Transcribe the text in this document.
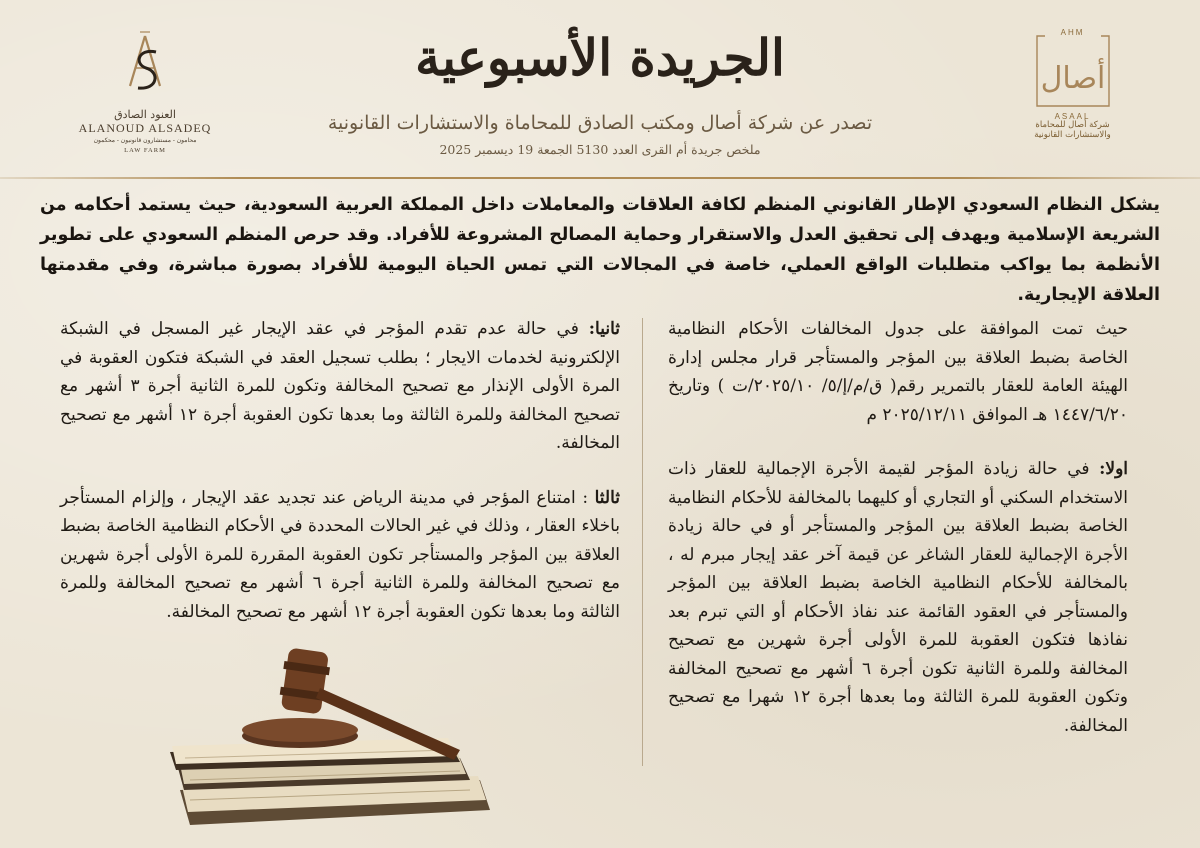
العنود الصادق
ALANOUD ALSADEQ
محامون - مستشارون قانونيون - محكمون
LAW FARM
الجريدة الأسبوعية
تصدر عن شركة أصال ومكتب الصادق للمحاماة والاستشارات القانونية
ملخص جريدة أم القرى العدد 5130 الجمعة 19 ديسمبر 2025
AHM
أصال
ASAAL
شركة أصال للمحاماة
والاستشارات القانونية
يشكل النظام السعودي الإطار القانوني المنظم لكافة العلاقات والمعاملات داخل المملكة العربية السعودية، حيث يستمد أحكامه من الشريعة الإسلامية ويهدف إلى تحقيق العدل والاستقرار وحماية المصالح المشروعة للأفراد. وقد حرص المنظم السعودي على تطوير الأنظمة بما يواكب متطلبات الواقع العملي، خاصة في المجالات التي تمس الحياة اليومية للأفراد بصورة مباشرة، وفي مقدمتها العلاقة الإيجارية.

حيث تمت الموافقة على جدول المخالفات الأحكام النظامية الخاصة بضبط العلاقة بين المؤجر والمستأجر قرار مجلس إدارة الهيئة العامة للعقار بالتمرير رقم( ق/م/إ/٥/ ٢٠٢٥/١٠/ت ) وتاريخ ١٤٤٧/٦/٢٠ هـ الموافق ٢٠٢٥/١٢/١١ م

اولا: في حالة زيادة المؤجر لقيمة الأجرة الإجمالية للعقار ذات الاستخدام السكني أو التجاري أو كليهما بالمخالفة للأحكام النظامية الخاصة بضبط العلاقة بين المؤجر والمستأجر أو في حالة زيادة الأجرة الإجمالية للعقار الشاغر عن قيمة آخر عقد إيجار مبرم له ، بالمخالفة للأحكام النظامية الخاصة بضبط العلاقة بين المؤجر والمستأجر في العقود القائمة عند نفاذ الأحكام أو التي تبرم بعد نفاذها فتكون العقوبة للمرة الأولى أجرة شهرين مع تصحيح المخالفة وللمرة الثانية تكون أجرة ٦ أشهر مع تصحيح المخالفة وتكون العقوبة للمرة الثالثة وما بعدها أجرة ١٢ شهرا مع تصحيح المخالفة.

ثانيا: في حالة عدم تقدم المؤجر في عقد الإيجار غير المسجل في الشبكة الإلكترونية لخدمات الايجار ؛ بطلب تسجيل العقد في الشبكة فتكون العقوبة في المرة الأولى الإنذار مع تصحيح المخالفة وتكون للمرة الثانية أجرة ٣ أشهر مع تصحيح المخالفة وللمرة الثالثة وما بعدها تكون العقوبة أجرة ١٢ أشهر مع تصحيح المخالفة.

ثالثا : امتناع المؤجر في مدينة الرياض عند تجديد عقد الإيجار ، وإلزام المستأجر باخلاء العقار ، وذلك في غير الحالات المحددة في الأحكام النظامية الخاصة بضبط العلاقة بين المؤجر والمستأجر تكون العقوبة المقررة للمرة الأولى أجرة شهرين مع تصحيح المخالفة وللمرة الثانية أجرة ٦ أشهر مع تصحيح المخالفة وللمرة الثالثة وما بعدها تكون العقوبة أجرة ١٢ أشهر مع تصحيح المخالفة.
